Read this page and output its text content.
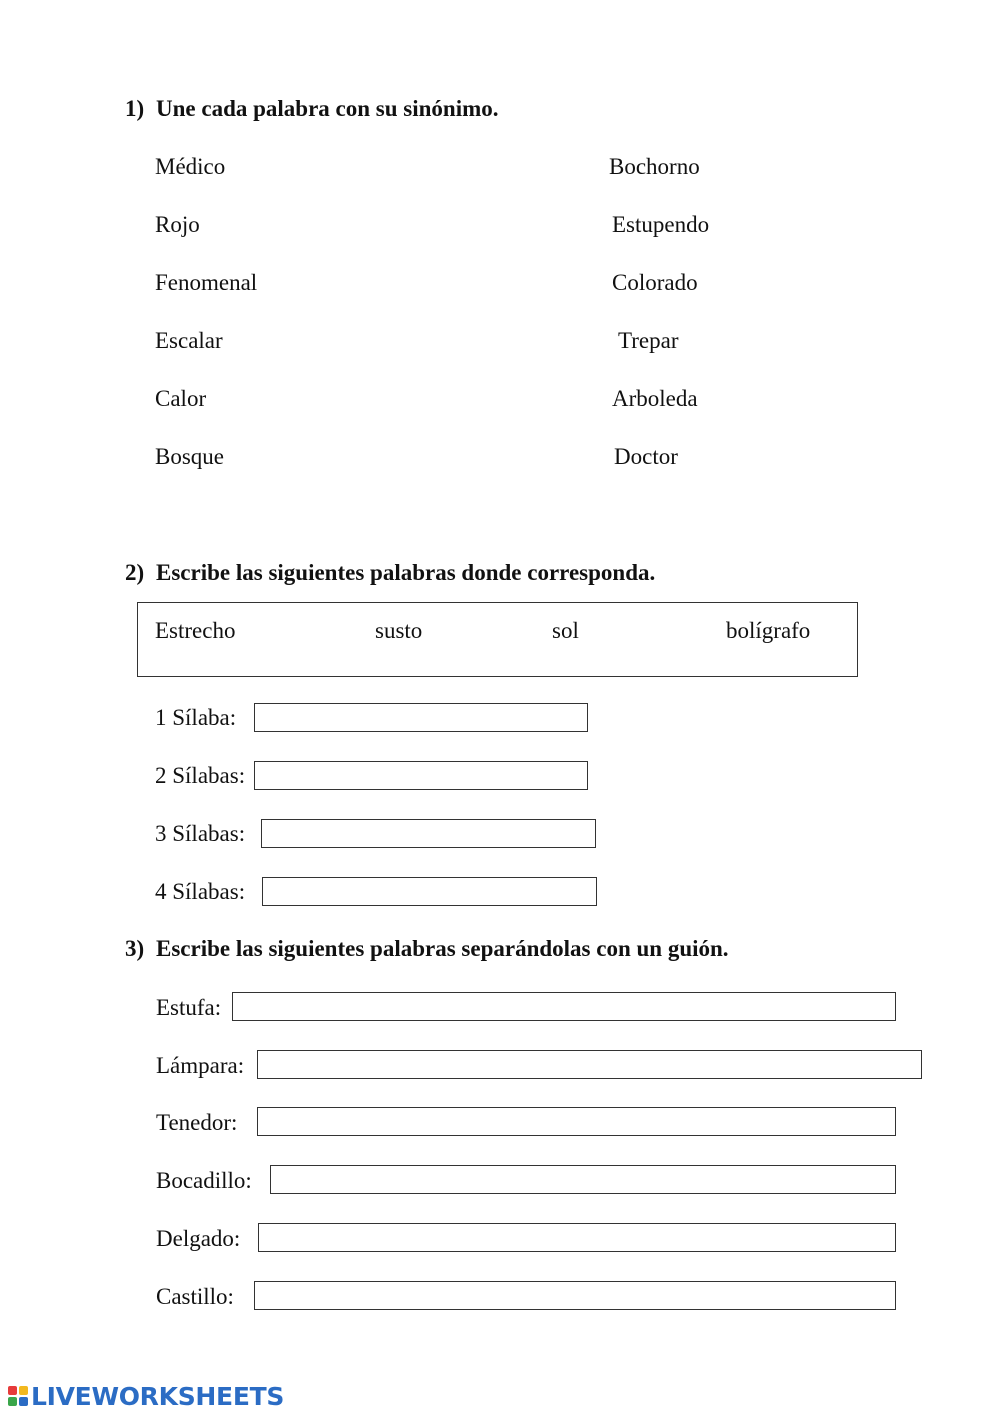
1) Une cada palabra con su sinónimo.
Médico
Rojo
Fenomenal
Escalar
Calor
Bosque
Bochorno
Estupendo
Colorado
Trepar
Arboleda
Doctor
2) Escribe las siguientes palabras donde corresponda.
Estrecho	susto	sol	bolígrafo
1 Sílaba:
2 Sílabas:
3 Sílabas:
4 Sílabas:
3) Escribe las siguientes palabras separándolas con un guión.
Estufa:
Lámpara:
Tenedor:
Bocadillo:
Delgado:
Castillo:
LIVEWORKSHEETS
